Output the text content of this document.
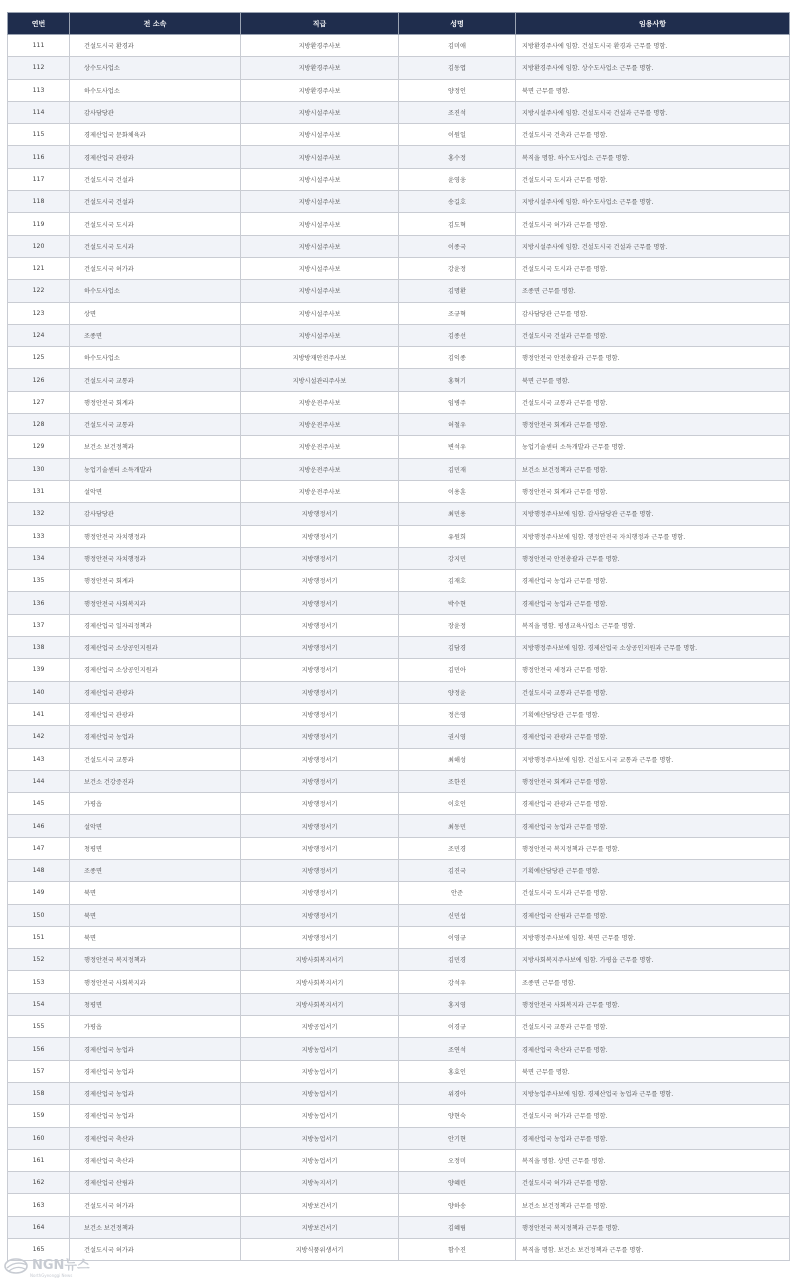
연번	전 소속	직급	성명	임용사항
111	건설도시국 환경과	지방환경주사보	김미애	지방환경주사에 임함. 건설도시국 환경과 근무를 명함.
112	상수도사업소	지방환경주사보	김동엽	지방환경주사에 임함. 상수도사업소 근무를 명함.
113	하수도사업소	지방환경주사보	양정인	북면 근무를 명함.
114	감사담당관	지방시설주사보	조진석	지방시설주사에 임함. 건설도시국 건설과 근무를 명함.
115	경제산업국 문화체육과	지방시설주사보	이원일	건설도시국 건축과 근무를 명함.
116	경제산업국 관광과	지방시설주사보	홍수정	복직을 명함. 하수도사업소 근무를 명함.
117	건설도시국 건설과	지방시설주사보	윤영웅	건설도시국 도시과 근무를 명함.
118	건설도시국 건설과	지방시설주사보	송길호	지방시설주사에 임함. 하수도사업소 근무를 명함.
119	건설도시국 도시과	지방시설주사보	김도혁	건설도시국 허가과 근무를 명함.
120	건설도시국 도시과	지방시설주사보	이종국	지방시설주사에 임함. 건설도시국 건설과 근무를 명함.
121	건설도시국 허가과	지방시설주사보	강윤정	건설도시국 도시과 근무를 명함.
122	하수도사업소	지방시설주사보	김명환	조종면 근무를 명함.
123	상면	지방시설주사보	조규혁	감사담당관 근무를 명함.
124	조종면	지방시설주사보	김종선	건설도시국 건설과 근무를 명함.
125	하수도사업소	지방방재안전주사보	김익종	행정안전국 안전총괄과 근무를 명함.
126	건설도시국 교통과	지방시설관리주사보	홍혁기	북면 근무를 명함.
127	행정안전국 회계과	지방운전주사보	임병주	건설도시국 교통과 근무를 명함.
128	건설도시국 교통과	지방운전주사보	허철우	행정안전국 회계과 근무를 명함.
129	보건소 보건정책과	지방운전주사보	변석우	농업기술센터 소득개발과 근무를 명함.
130	농업기술센터 소득개발과	지방운전주사보	김민재	보건소 보건정책과 근무를 명함.
131	설악면	지방운전주사보	이용훈	행정안전국 회계과 근무를 명함.
132	감사담당관	지방행정서기	최민용	지방행정주사보에 임함. 감사담당관 근무를 명함.
133	행정안전국 자치행정과	지방행정서기	유원희	지방행정주사보에 임함. 행정안전국 자치행정과 근무를 명함.
134	행정안전국 자치행정과	지방행정서기	강지민	행정안전국 안전총괄과 근무를 명함.
135	행정안전국 회계과	지방행정서기	김재호	경제산업국 농업과 근무를 명함.
136	행정안전국 사회복지과	지방행정서기	박수현	경제산업국 농업과 근무를 명함.
137	경제산업국 일자리정책과	지방행정서기	장윤정	복직을 명함. 평생교육사업소 근무를 명함.
138	경제산업국 소상공인지원과	지방행정서기	김담경	지방행정주사보에 임함. 경제산업국 소상공인지원과 근무를 명함.
139	경제산업국 소상공인지원과	지방행정서기	김민아	행정안전국 세정과 근무를 명함.
140	경제산업국 관광과	지방행정서기	양정윤	건설도시국 교통과 근무를 명함.
141	경제산업국 관광과	지방행정서기	정은영	기획예산담당관 근무를 명함.
142	경제산업국 농업과	지방행정서기	권시영	경제산업국 관광과 근무를 명함.
143	건설도시국 교통과	지방행정서기	최해성	지방행정주사보에 임함. 건설도시국 교통과 근무를 명함.
144	보건소 건강증진과	지방행정서기	조한진	행정안전국 회계과 근무를 명함.
145	가평읍	지방행정서기	이호인	경제산업국 관광과 근무를 명함.
146	설악면	지방행정서기	최동민	경제산업국 농업과 근무를 명함.
147	청평면	지방행정서기	조민경	행정안전국 복지정책과 근무를 명함.
148	조종면	지방행정서기	김진국	기획예산담당관 근무를 명함.
149	북면	지방행정서기	안준	건설도시국 도시과 근무를 명함.
150	북면	지방행정서기	신민섭	경제산업국 산림과 근무를 명함.
151	북면	지방행정서기	이영규	지방행정주사보에 임함. 북면 근무를 명함.
152	행정안전국 복지정책과	지방사회복지서기	김민경	지방사회복지주사보에 임함. 가평읍 근무를 명함.
153	행정안전국 사회복지과	지방사회복지서기	강석우	조종면 근무를 명함.
154	청평면	지방사회복지서기	홍지영	행정안전국 사회복지과 근무를 명함.
155	가평읍	지방공업서기	이경규	건설도시국 교통과 근무를 명함.
156	경제산업국 농업과	지방농업서기	조연석	경제산업국 축산과 근무를 명함.
157	경제산업국 농업과	지방농업서기	홍효인	북면 근무를 명함.
158	경제산업국 농업과	지방농업서기	위경아	지방농업주사보에 임함. 경제산업국 농업과 근무를 명함.
159	경제산업국 농업과	지방농업서기	양현숙	건설도시국 허가과 근무를 명함.
160	경제산업국 축산과	지방농업서기	안기현	경제산업국 농업과 근무를 명함.
161	경제산업국 축산과	지방농업서기	오정미	복직을 명함. 상면 근무를 명함.
162	경제산업국 산림과	지방녹지서기	양혜린	건설도시국 허가과 근무를 명함.
163	건설도시국 허가과	지방보건서기	양하송	보건소 보건정책과 근무를 명함.
164	보건소 보건정책과	지방보건서기	김혜림	행정안전국 복지정책과 근무를 명함.
165	건설도시국 허가과	지방식품위생서기	함수진	복직을 명함. 보건소 보건정책과 근무를 명함.
NGN뉴스
NorthGyeonggi News
